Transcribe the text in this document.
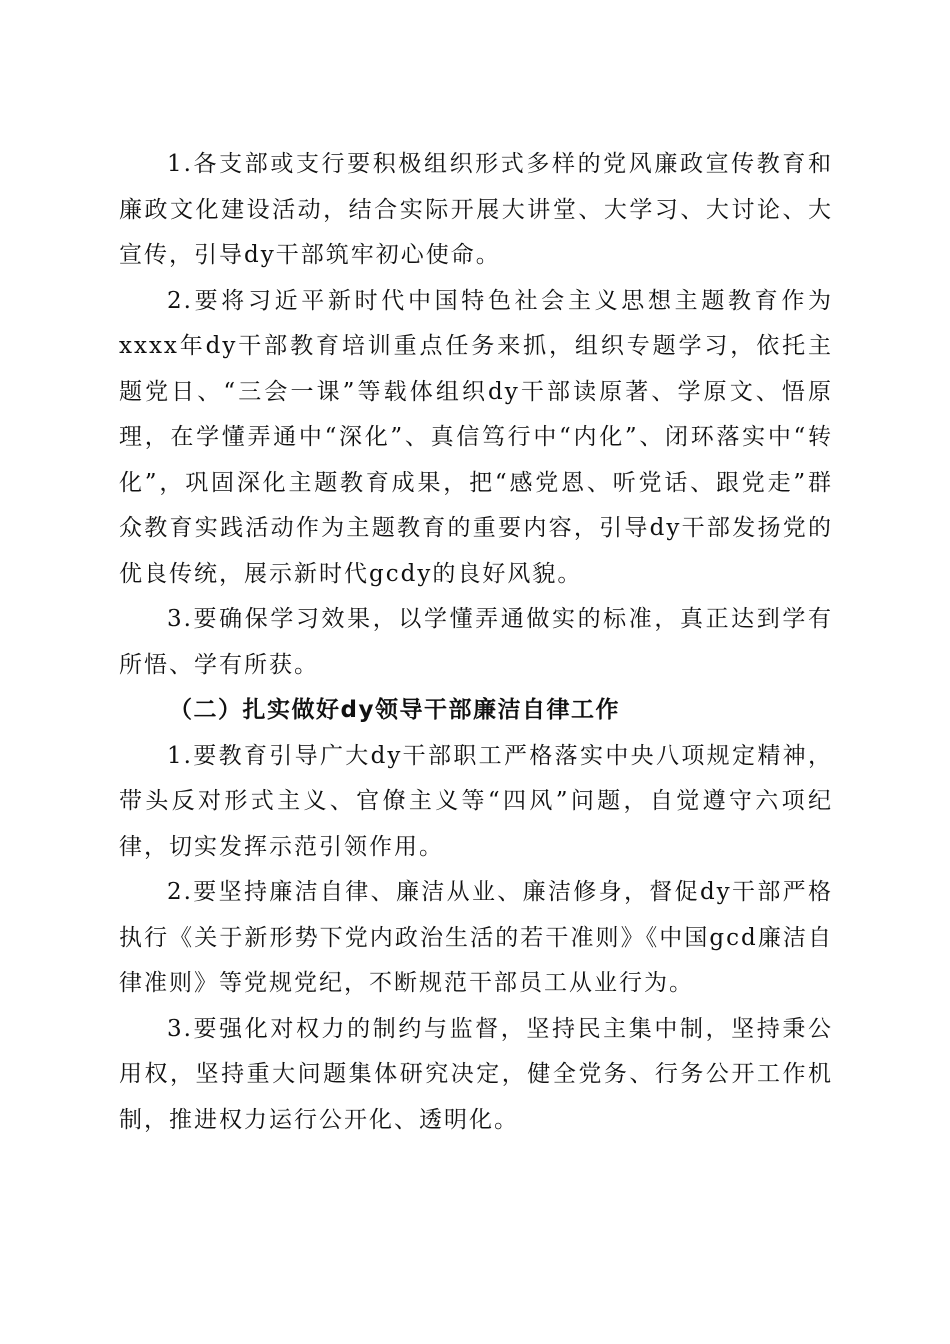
1.各支部或支行要积极组织形式多样的党风廉政宣传教育和廉政文化建设活动，结合实际开展大讲堂、大学习、大讨论、大宣传，引导dy干部筑牢初心使命。

2.要将习近平新时代中国特色社会主义思想主题教育作为xxxx年dy干部教育培训重点任务来抓，组织专题学习，依托主题党日、“三会一课”等载体组织dy干部读原著、学原文、悟原理，在学懂弄通中“深化”、真信笃行中“内化”、闭环落实中“转化”，巩固深化主题教育成果，把“感党恩、听党话、跟党走”群众教育实践活动作为主题教育的重要内容，引导dy干部发扬党的优良传统，展示新时代gcdy的良好风貌。

3.要确保学习效果，以学懂弄通做实的标准，真正达到学有所悟、学有所获。

（二）扎实做好dy领导干部廉洁自律工作

1.要教育引导广大dy干部职工严格落实中央八项规定精神，带头反对形式主义、官僚主义等“四风”问题，自觉遵守六项纪律，切实发挥示范引领作用。

2.要坚持廉洁自律、廉洁从业、廉洁修身，督促dy干部严格执行《关于新形势下党内政治生活的若干准则》《中国gcd廉洁自律准则》等党规党纪，不断规范干部员工从业行为。

3.要强化对权力的制约与监督，坚持民主集中制，坚持秉公用权，坚持重大问题集体研究决定，健全党务、行务公开工作机制，推进权力运行公开化、透明化。
